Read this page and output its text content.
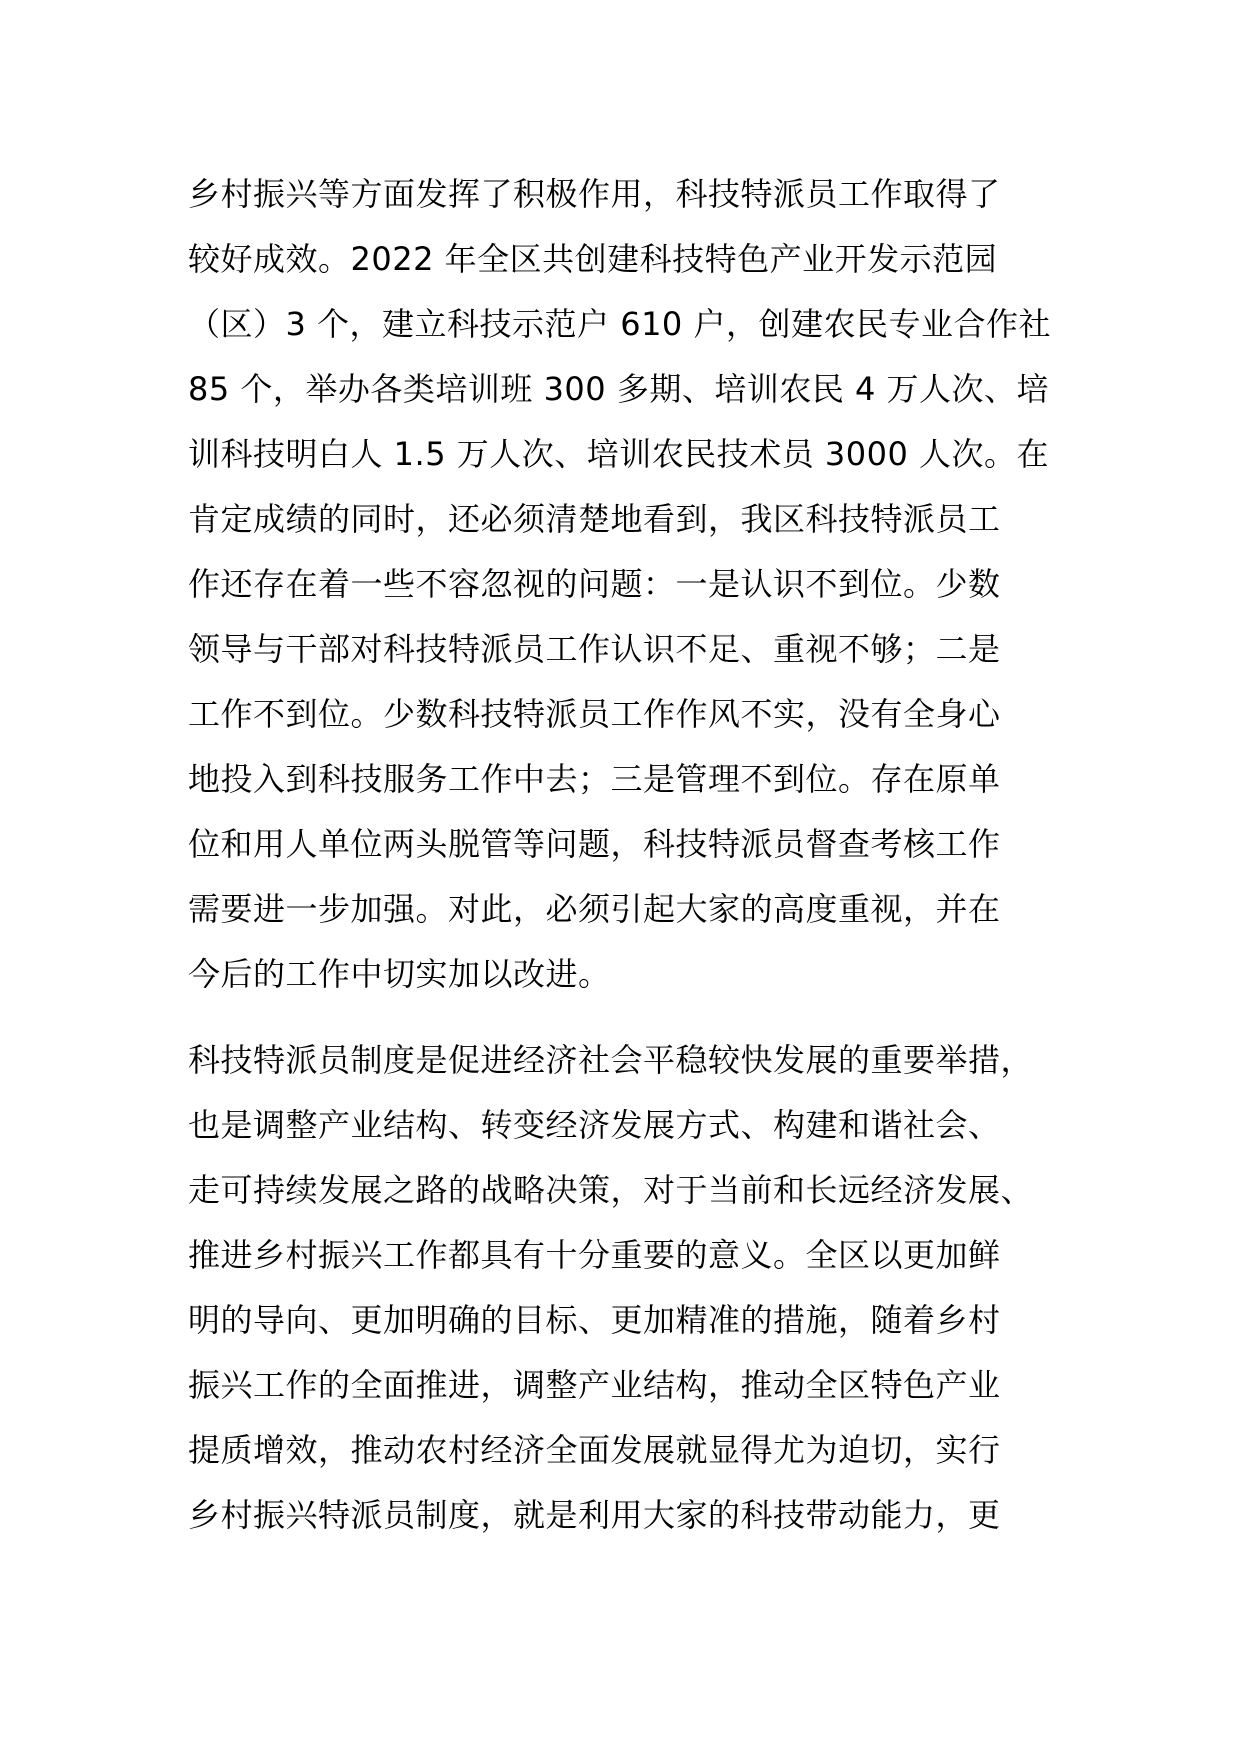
乡村振兴等方面发挥了积极作用，科技特派员工作取得了
较好成效。2022 年全区共创建科技特色产业开发示范园
（区）3 个，建立科技示范户 610 户，创建农民专业合作社
85 个，举办各类培训班 300 多期、培训农民 4 万人次、培
训科技明白人 1.5 万人次、培训农民技术员 3000 人次。在
肯定成绩的同时，还必须清楚地看到，我区科技特派员工
作还存在着一些不容忽视的问题：一是认识不到位。少数
领导与干部对科技特派员工作认识不足、重视不够；二是
工作不到位。少数科技特派员工作作风不实，没有全身心
地投入到科技服务工作中去；三是管理不到位。存在原单
位和用人单位两头脱管等问题，科技特派员督查考核工作
需要进一步加强。对此，必须引起大家的高度重视，并在
今后的工作中切实加以改进。
科技特派员制度是促进经济社会平稳较快发展的重要举措，
也是调整产业结构、转变经济发展方式、构建和谐社会、
走可持续发展之路的战略决策，对于当前和长远经济发展、
推进乡村振兴工作都具有十分重要的意义。全区以更加鲜
明的导向、更加明确的目标、更加精准的措施，随着乡村
振兴工作的全面推进，调整产业结构，推动全区特色产业
提质增效，推动农村经济全面发展就显得尤为迫切，实行
乡村振兴特派员制度，就是利用大家的科技带动能力，更
